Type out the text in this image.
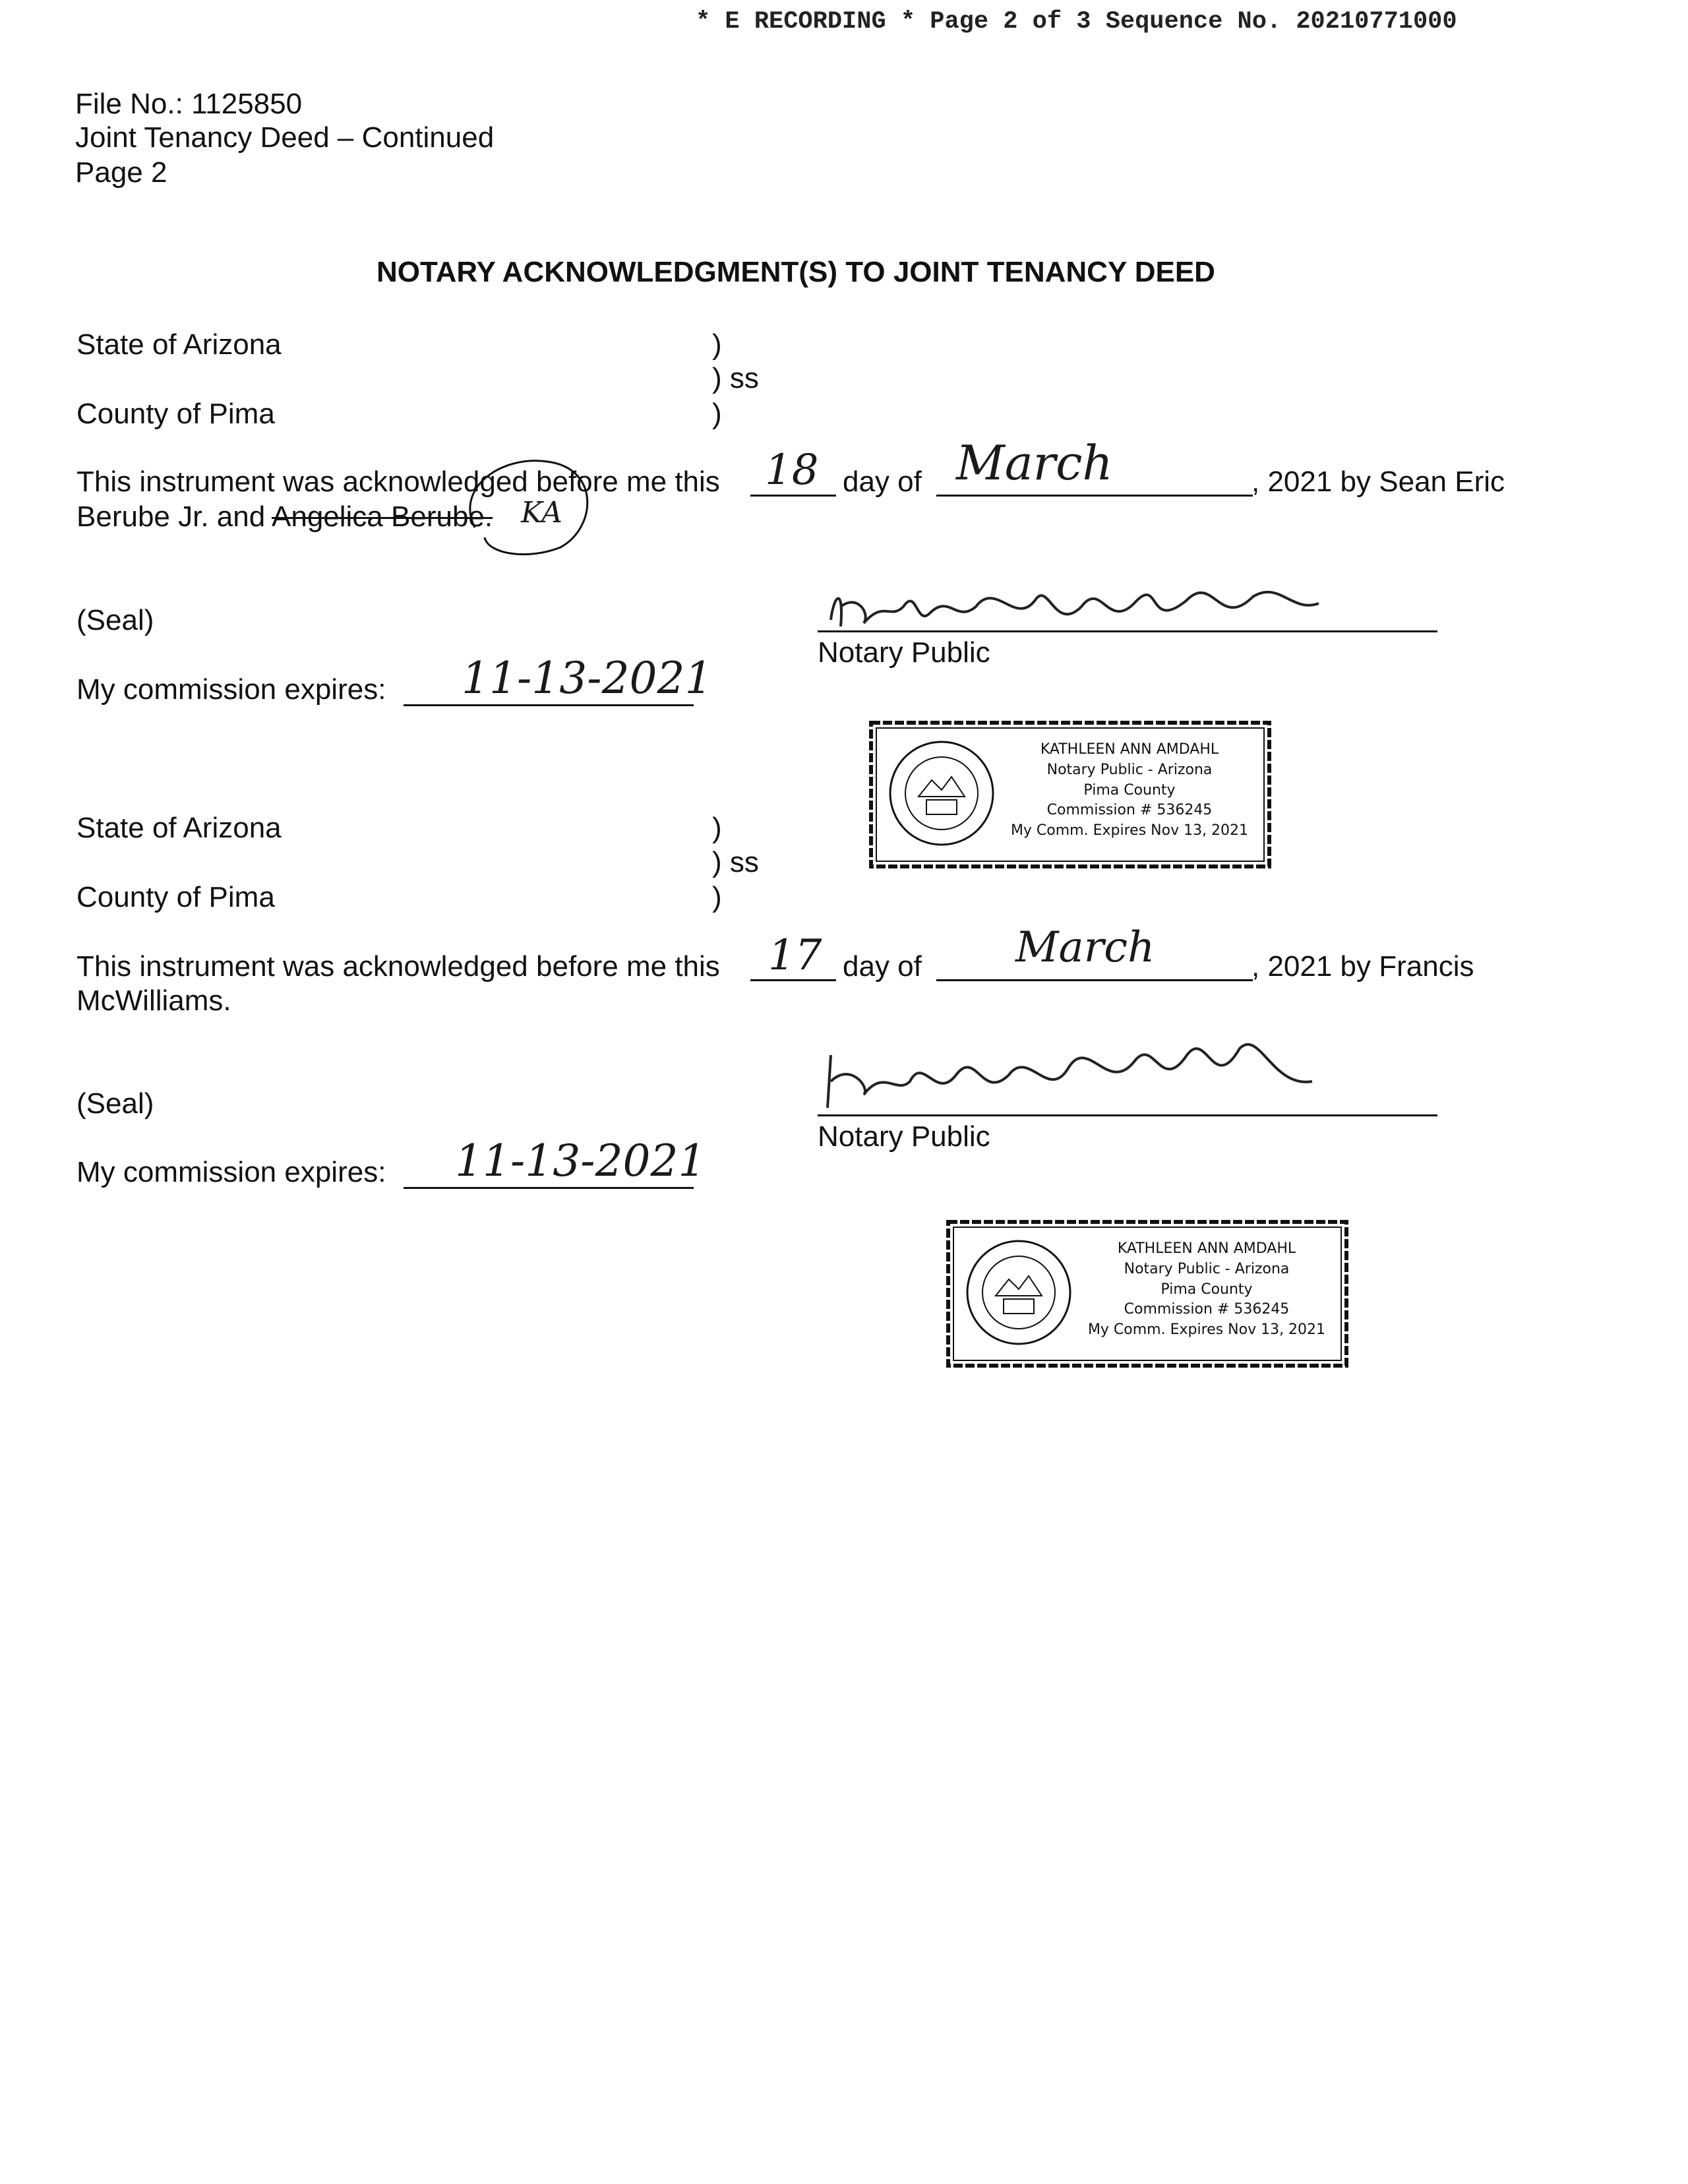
* E RECORDING * Page 2 of 3 Sequence No. 20210771000
File No.: 1125850
Joint Tenancy Deed – Continued
Page 2
NOTARY ACKNOWLEDGMENT(S) TO JOINT TENANCY DEED
State of Arizona	)
) ss
County of Pima	)
This instrument was acknowledged before me this 18 day of March	, 2021 by Sean Eric
Berube Jr. and Angelica Berube. KA
(Seal)
Notary Public
My commission expires: 11-13-2021
KATHLEEN ANN AMDAHL
Notary Public - Arizona
Pima County
Commission # 536245
My Comm. Expires Nov 13, 2021
State of Arizona	)
) ss
County of Pima	)
This instrument was acknowledged before me this 17 day of March	, 2021 by Francis
McWilliams.
(Seal)
Notary Public
My commission expires: 11-13-2021
KATHLEEN ANN AMDAHL
Notary Public - Arizona
Pima County
Commission # 536245
My Comm. Expires Nov 13, 2021
